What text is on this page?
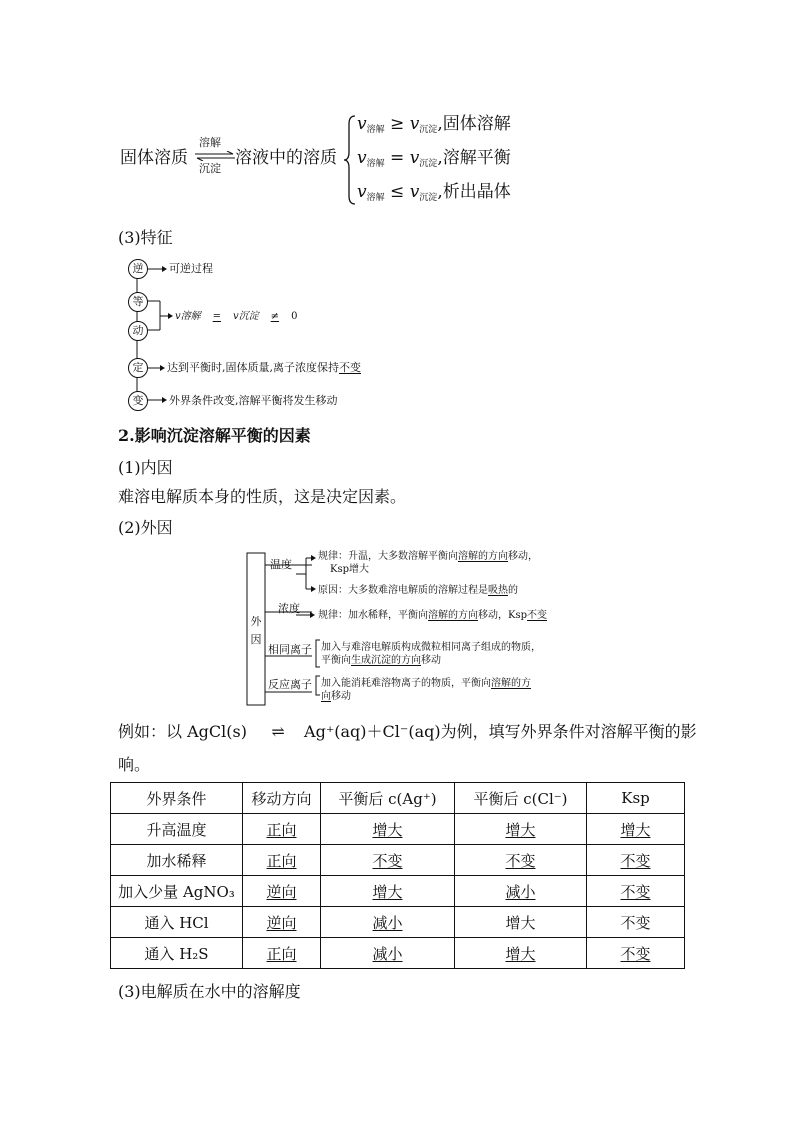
固体溶质
溶解
沉淀
溶液中的溶质
$v_{溶解} \ge v_{沉淀}$,固体溶解
$v_{溶解} = v_{沉淀}$,溶解平衡
$v_{溶解} \le v_{沉淀}$,析出晶体
(3)特征
逆
等
动
定
变
可逆过程
v溶解 = v沉淀 ≠ 0
达到平衡时,固体质量,离子浓度保持不变
外界条件改变,溶解平衡将发生移动
2.影响沉淀溶解平衡的因素
(1)内因
难溶电解质本身的性质，这是决定因素。
(2)外因
外因
温度
规律：升温，大多数溶解平衡向溶解的方向移动，
Ksp增大
原因：大多数难溶电解质的溶解过程是吸热的
浓度
规律：加水稀释，平衡向溶解的方向移动，Ksp不变
相同离子 加入与难溶电解质构成微粒相同离子组成的物质，
平衡向生成沉淀的方向移动
反应离子 加入能消耗难溶物离子的物质，平衡向溶解的方
向移动
例如：以 AgCl(s) ⇌ Ag⁺(aq)＋Cl⁻(aq)为例，填写外界条件对溶解平衡的影
响。
外界条件	移动方向	平衡后 c(Ag⁺)	平衡后 c(Cl⁻)	Ksp
升高温度	正向	增大	增大	增大
加水稀释	正向	不变	不变	不变
加入少量 AgNO₃	逆向	增大	减小	不变
通入 HCl	逆向	减小	增大	不变
通入 H₂S	正向	减小	增大	不变
(3)电解质在水中的溶解度
